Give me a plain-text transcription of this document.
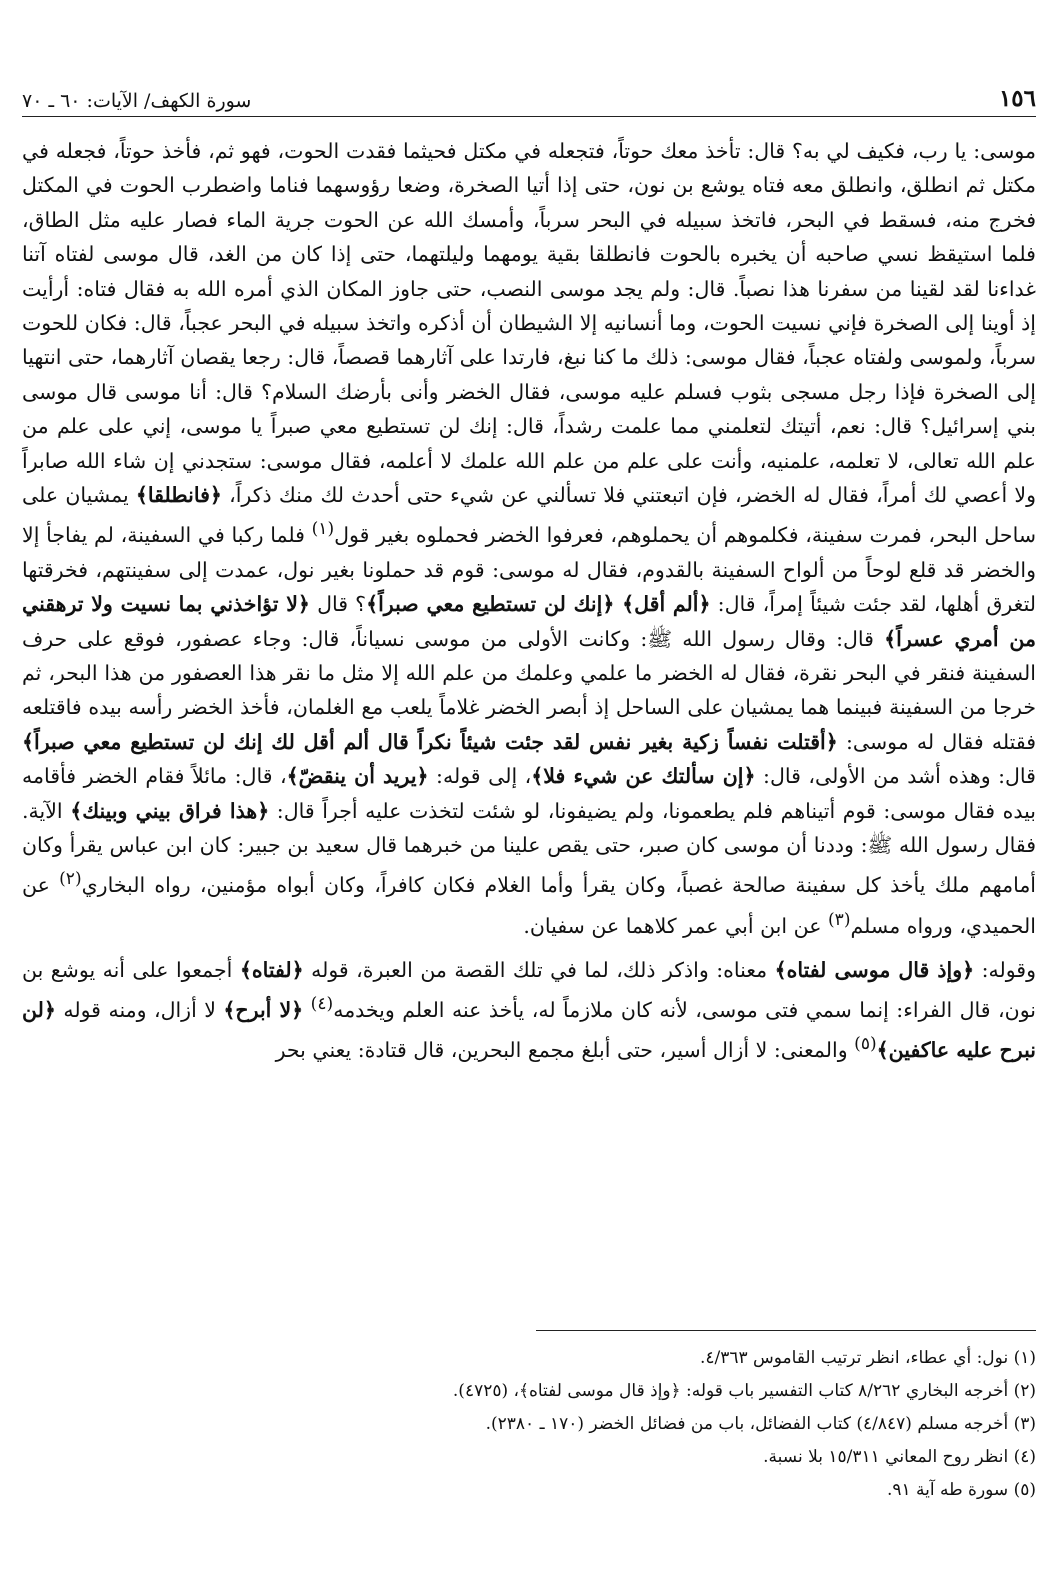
١٥٦
سورة الكهف/ الآيات: ٦٠ ـ ٧٠

موسى: يا رب، فكيف لي به؟ قال: تأخذ معك حوتاً، فتجعله في مكتل فحيثما فقدت الحوت، فهو ثم، فأخذ حوتاً، فجعله في مكتل ثم انطلق، وانطلق معه فتاه يوشع بن نون، حتى إذا أتيا الصخرة، وضعا رؤوسهما فناما واضطرب الحوت في المكتل فخرج منه، فسقط في البحر، فاتخذ سبيله في البحر سرباً، وأمسك الله عن الحوت جرية الماء فصار عليه مثل الطاق، فلما استيقظ نسي صاحبه أن يخبره بالحوت فانطلقا بقية يومهما وليلتهما، حتى إذا كان من الغد، قال موسى لفتاه آتنا غداءنا لقد لقينا من سفرنا هذا نصباً. قال: ولم يجد موسى النصب، حتى جاوز المكان الذي أمره الله به فقال فتاه: أرأيت إذ أوينا إلى الصخرة فإني نسيت الحوت، وما أنسانيه إلا الشيطان أن أذكره واتخذ سبيله في البحر عجباً، قال: فكان للحوت سرباً، ولموسى ولفتاه عجباً، فقال موسى: ذلك ما كنا نبغ، فارتدا على آثارهما قصصاً، قال: رجعا يقصان آثارهما، حتى انتهيا إلى الصخرة فإذا رجل مسجى بثوب فسلم عليه موسى، فقال الخضر وأنى بأرضك السلام؟ قال: أنا موسى قال موسى بني إسرائيل؟ قال: نعم، أتيتك لتعلمني مما علمت رشداً، قال: إنك لن تستطيع معي صبراً يا موسى، إني على علم من علم الله تعالى، لا تعلمه، علمنيه، وأنت على علم من علم الله علمك لا أعلمه، فقال موسى: ستجدني إن شاء الله صابراً ولا أعصي لك أمراً، فقال له الخضر، فإن اتبعتني فلا تسألني عن شيء حتى أحدث لك منك ذكراً، ﴿فانطلقا﴾ يمشيان على ساحل البحر، فمرت سفينة، فكلموهم أن يحملوهم، فعرفوا الخضر فحملوه بغير قول$^{(١)}$ فلما ركبا في السفينة، لم يفاجأ إلا والخضر قد قلع لوحاً من ألواح السفينة بالقدوم، فقال له موسى: قوم قد حملونا بغير نول، عمدت إلى سفينتهم، فخرقتها لتغرق أهلها، لقد جئت شيئاً إمراً، قال: ﴿ألم أقل﴾ ﴿إنك لن تستطيع معي صبراً﴾؟ قال ﴿لا تؤاخذني بما نسيت ولا ترهقني من أمري عسراً﴾ قال: وقال رسول الله ﷺ: وكانت الأولى من موسى نسياناً، قال: وجاء عصفور، فوقع على حرف السفينة فنقر في البحر نقرة، فقال له الخضر ما علمي وعلمك من علم الله إلا مثل ما نقر هذا العصفور من هذا البحر، ثم خرجا من السفينة فبينما هما يمشيان على الساحل إذ أبصر الخضر غلاماً يلعب مع الغلمان، فأخذ الخضر رأسه بيده فاقتلعه فقتله فقال له موسى: ﴿أقتلت نفساً زكية بغير نفس لقد جئت شيئاً نكراً قال ألم أقل لك إنك لن تستطيع معي صبراً﴾ قال: وهذه أشد من الأولى، قال: ﴿إن سألتك عن شيء فلا﴾، إلى قوله: ﴿يريد أن ينقضّ﴾، قال: مائلاً فقام الخضر فأقامه بيده فقال موسى: قوم أتيناهم فلم يطعمونا، ولم يضيفونا، لو شئت لتخذت عليه أجراً قال: ﴿هذا فراق بيني وبينك﴾ الآية. فقال رسول الله ﷺ: وددنا أن موسى كان صبر، حتى يقص علينا من خبرهما قال سعيد بن جبير: كان ابن عباس يقرأ وكان أمامهم ملك يأخذ كل سفينة صالحة غصباً، وكان يقرأ وأما الغلام فكان كافراً، وكان أبواه مؤمنين، رواه البخاري$^{(٢)}$ عن الحميدي، ورواه مسلم$^{(٣)}$ عن ابن أبي عمر كلاهما عن سفيان.

وقوله: ﴿وإذ قال موسى لفتاه﴾ معناه: واذكر ذلك، لما في تلك القصة من العبرة، قوله ﴿لفتاه﴾ أجمعوا على أنه يوشع بن نون، قال الفراء: إنما سمي فتى موسى، لأنه كان ملازماً له، يأخذ عنه العلم ويخدمه$^{(٤)}$ ﴿لا أبرح﴾ لا أزال، ومنه قوله ﴿لن نبرح عليه عاكفين﴾$^{(٥)}$ والمعنى: لا أزال أسير، حتى أبلغ مجمع البحرين، قال قتادة: يعني بحر

(١) نول: أي عطاء، انظر ترتيب القاموس ٤/٣٦٣.
(٢) أخرجه البخاري ٨/٢٦٢ كتاب التفسير باب قوله: ﴿وإذ قال موسى لفتاه﴾، (٤٧٢٥).
(٣) أخرجه مسلم (٤/٨٤٧) كتاب الفضائل، باب من فضائل الخضر (١٧٠ ـ ٢٣٨٠).
(٤) انظر روح المعاني ١٥/٣١١ بلا نسبة.
(٥) سورة طه آية ٩١.
